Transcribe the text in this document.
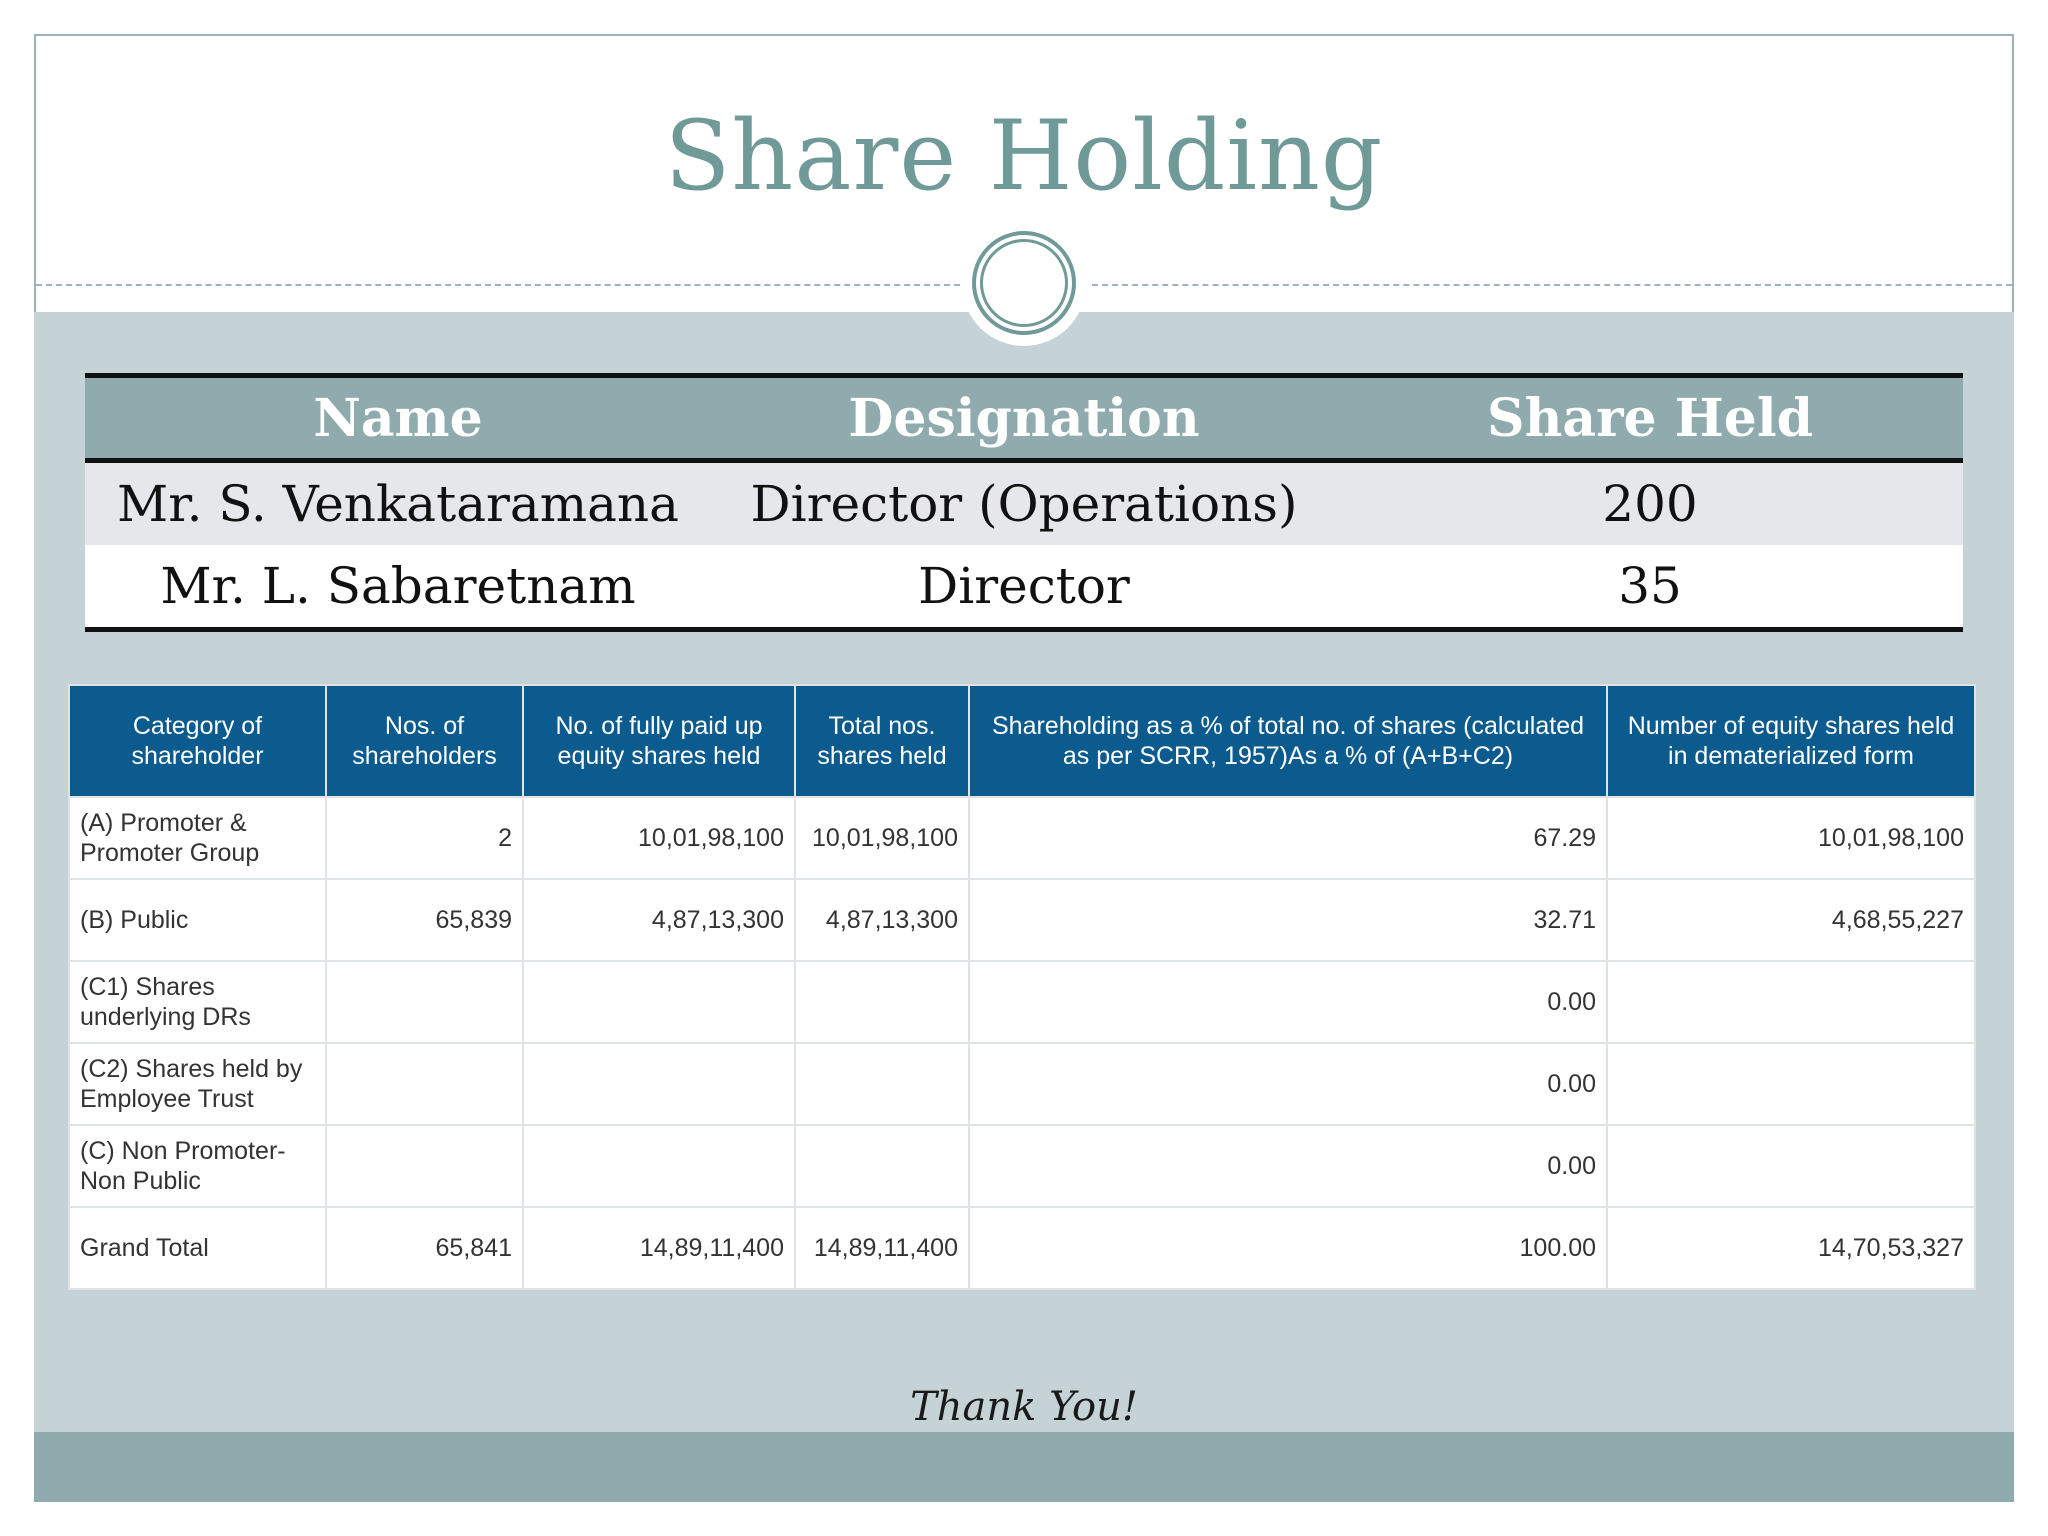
Share Holding
Name	Designation	Share Held
Mr. S. Venkataramana	Director (Operations)	200
Mr. L. Sabaretnam	Director	35
Category of shareholder	Nos. of shareholders	No. of fully paid up equity shares held	Total nos. shares held	Shareholding as a % of total no. of shares (calculated as per SCRR, 1957)As a % of (A+B+C2)	Number of equity shares held in dematerialized form
(A) Promoter & Promoter Group	2	10,01,98,100	10,01,98,100	67.29	10,01,98,100
(B) Public	65,839	4,87,13,300	4,87,13,300	32.71	4,68,55,227
(C1) Shares underlying DRs				0.00	
(C2) Shares held by Employee Trust				0.00	
(C) Non Promoter-Non Public				0.00	
Grand Total	65,841	14,89,11,400	14,89,11,400	100.00	14,70,53,327
Thank You!
